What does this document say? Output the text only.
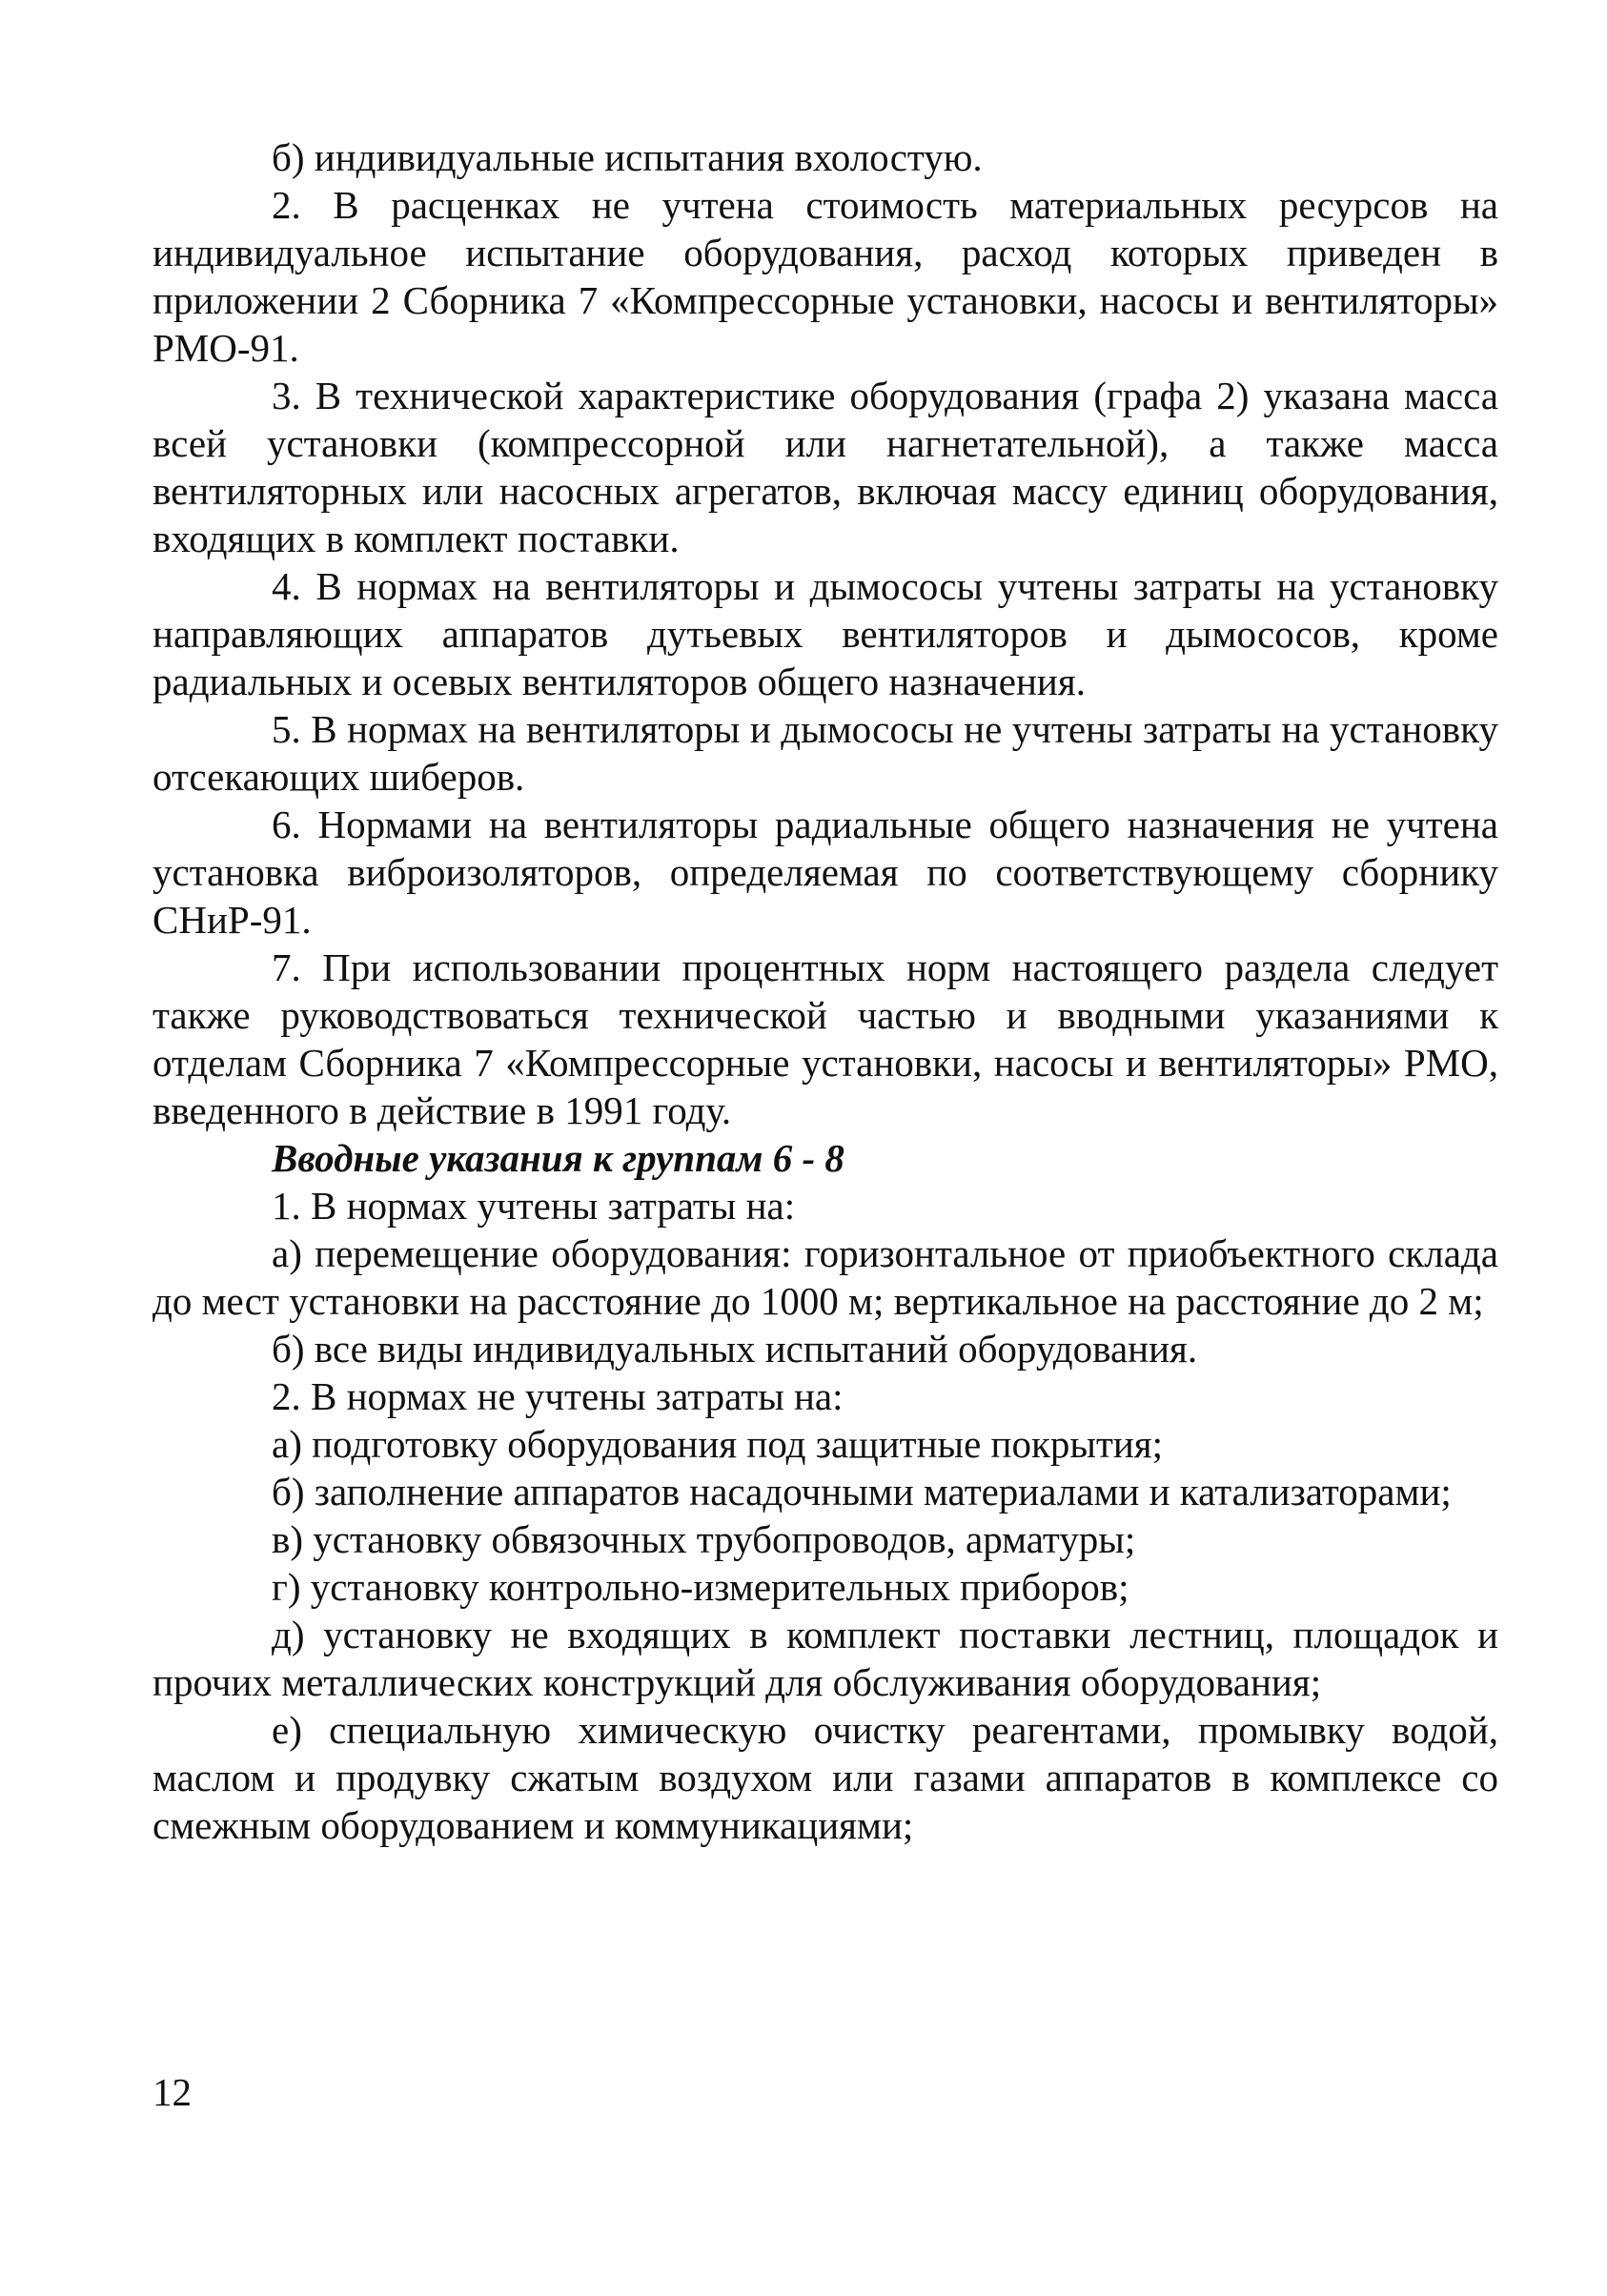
б) индивидуальные испытания вхолостую.

2. В расценках не учтена стоимость материальных ресурсов на индивидуальное испытание оборудования, расход которых приведен в приложении 2 Сборника 7 «Компрессорные установки, насосы и вентиляторы» РМО-91.

3. В технической характеристике оборудования (графа 2) указана масса всей установки (компрессорной или нагнетательной), а также масса вентиляторных или насосных агрегатов, включая массу единиц оборудования, входящих в комплект поставки.

4. В нормах на вентиляторы и дымососы учтены затраты на установку направляющих аппаратов дутьевых вентиляторов и дымососов, кроме радиальных и осевых вентиляторов общего назначения.

5. В нормах на вентиляторы и дымососы не учтены затраты на установку отсекающих шиберов.

6. Нормами на вентиляторы радиальные общего назначения не учтена установка виброизоляторов, определяемая по соответствующему сборнику СНиР-91.

7. При использовании процентных норм настоящего раздела следует также руководствоваться технической частью и вводными указаниями к отделам Сборника 7 «Компрессорные установки, насосы и вентиляторы» РМО, введенного в действие в 1991 году.

Вводные указания к группам 6 - 8

1. В нормах учтены затраты на:

а) перемещение оборудования: горизонтальное от приобъектного склада до мест установки на расстояние до 1000 м; вертикальное на расстояние до 2 м;

б) все виды индивидуальных испытаний оборудования.

2. В нормах не учтены затраты на:

а) подготовку оборудования под защитные покрытия;

б) заполнение аппаратов насадочными материалами и катализаторами;

в) установку обвязочных трубопроводов, арматуры;

г) установку контрольно-измерительных приборов;

д) установку не входящих в комплект поставки лестниц, площадок и прочих металлических конструкций для обслуживания оборудования;

е) специальную химическую очистку реагентами, промывку водой, маслом и продувку сжатым воздухом или газами аппаратов в комплексе со смежным оборудованием и коммуникациями;

12
